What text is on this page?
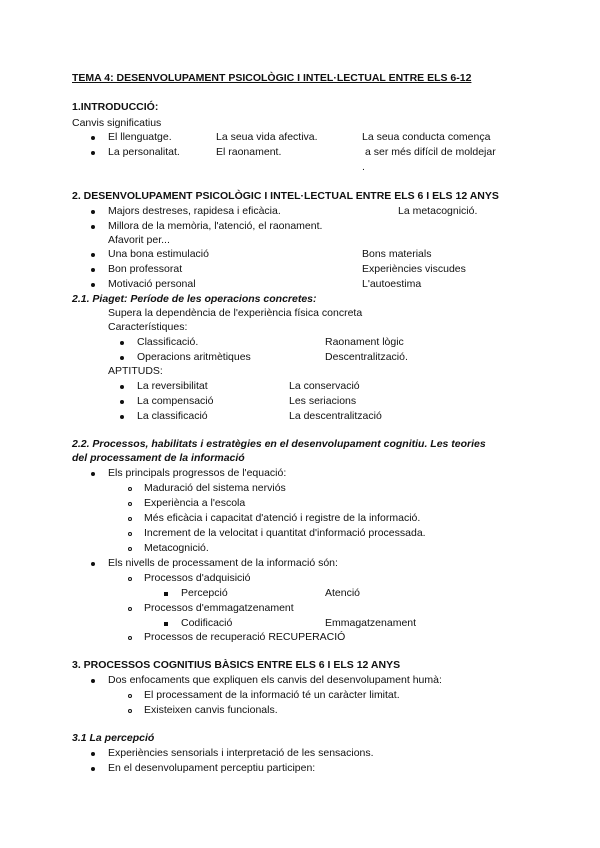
TEMA 4: DESENVOLUPAMENT PSICOLÒGIC I INTEL·LECTUAL ENTRE ELS 6-12
1.INTRODUCCIÓ:
Canvis significatius
El llenguatge.	La seua vida afectiva.	La seua conducta comença
La personalitat.	El raonament.	a ser més difícil de moldejar
.
2. DESENVOLUPAMENT PSICOLÒGIC I INTEL·LECTUAL ENTRE ELS 6 I ELS 12 ANYS
Majors destreses, rapidesa i eficàcia.	La metacognició.
Millora de la memòria, l'atenció, el raonament.
Afavorit per...
Una bona estimulació	Bons materials
Bon professorat	Experiències viscudes
Motivació personal	L'autoestima
2.1. Piaget: Període de les operacions concretes:
Supera la dependència de l'experiència física concreta
Característiques:
Classificació.	Raonament lògic
Operacions aritmètiques	Descentralització.
APTITUDS:
La reversibilitat	La conservació
La compensació	Les seriacions
La classificació	La descentralització
2.2. Processos, habilitats i estratègies en el desenvolupament cognitiu. Les teories
del processament de la informació
Els principals progressos de l'equació:
Maduració del sistema nerviós
Experiència a l'escola
Més eficàcia i capacitat d'atenció i registre de la informació.
Increment de la velocitat i quantitat d'informació processada.
Metacognició.
Els nivells de processament de la informació són:
Processos d'adquisició
Percepció	Atenció
Processos d'emmagatzenament
Codificació	Emmagatzenament
Processos de recuperació RECUPERACIÓ
3. PROCESSOS COGNITIUS BÀSICS ENTRE ELS 6 I ELS 12 ANYS
Dos enfocaments que expliquen els canvis del desenvolupament humà:
El processament de la informació té un caràcter limitat.
Existeixen canvis funcionals.
3.1 La percepció
Experiències sensorials i interpretació de les sensacions.
En el desenvolupament perceptiu participen:
